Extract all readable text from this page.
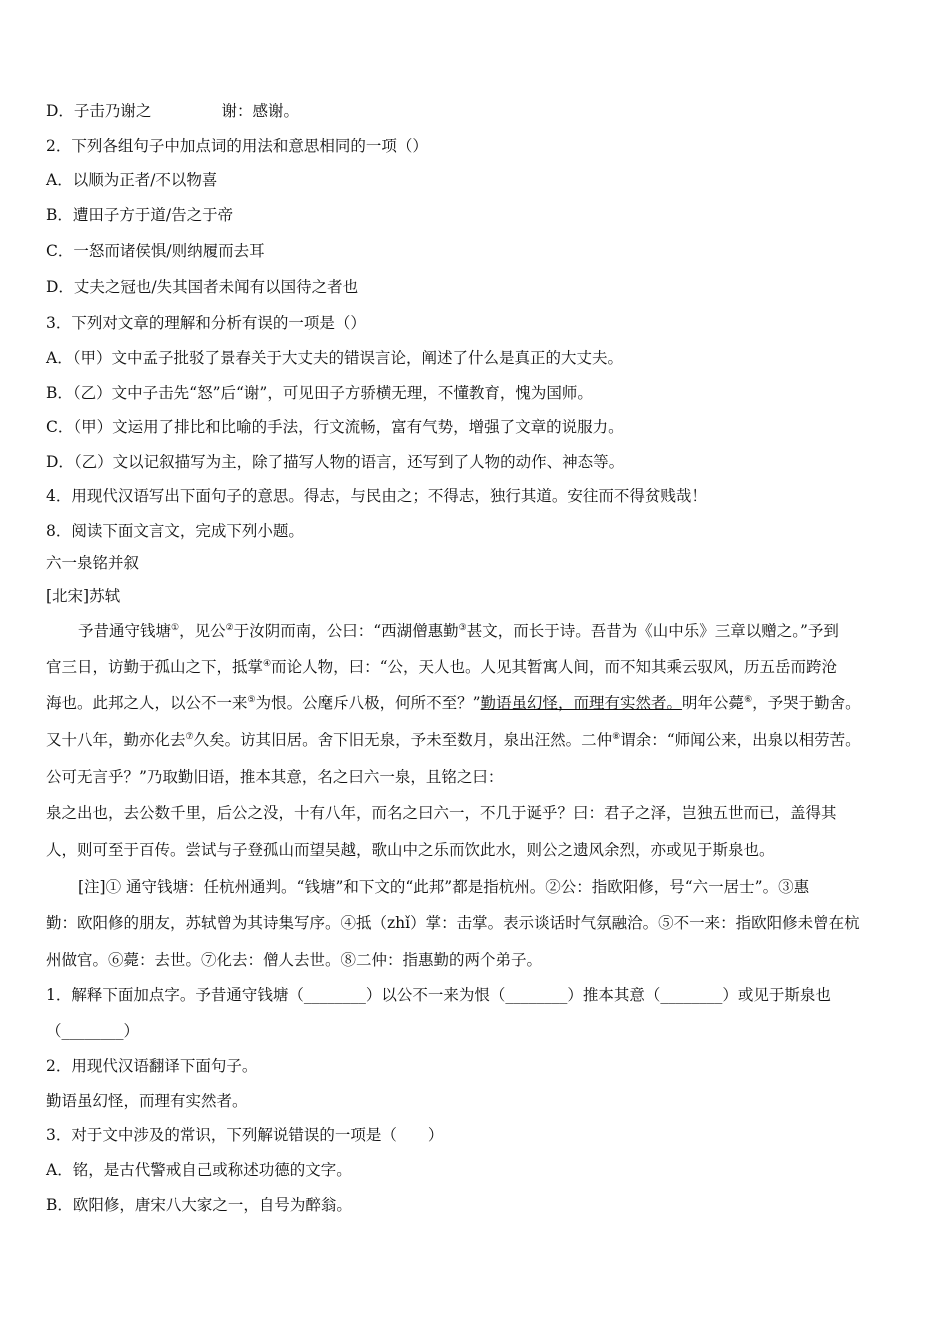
D．子击乃谢之	谢：感谢。
2．下列各组句子中加点词的用法和意思相同的一项（）
A．以顺为正者/不以物喜
B．遭田子方于道/告之于帝
C．一怒而诸侯惧/则纳履而去耳
D．丈夫之冠也/失其国者未闻有以国待之者也
3．下列对文章的理解和分析有误的一项是（）
A．（甲）文中孟子批驳了景春关于大丈夫的错误言论，阐述了什么是真正的大丈夫。
B．（乙）文中子击先“怒”后“谢”，可见田子方骄横无理，不懂教育，愧为国师。
C．（甲）文运用了排比和比喻的手法，行文流畅，富有气势，增强了文章的说服力。
D．（乙）文以记叙描写为主，除了描写人物的语言，还写到了人物的动作、神态等。
4．用现代汉语写出下面句子的意思。得志，与民由之；不得志，独行其道。安往而不得贫贱哉！
8．阅读下面文言文，完成下列小题。
六一泉铭并叙
[北宋]苏轼
予昔通守钱塘①，见公②于汝阴而南，公曰：“西湖僧惠勤③甚文，而长于诗。吾昔为《山中乐》三章以赠之。”予到
官三日，访勤于孤山之下，抵掌④而论人物，曰：“公，天人也。人见其暂寓人间，而不知其乘云驭风，历五岳而跨沧
海也。此邦之人，以公不一来⑤为恨。公麾斥八极，何所不至？”勤语虽幻怪，而理有实然者。明年公薨⑥，予哭于勤舍。
又十八年，勤亦化去⑦久矣。访其旧居。舍下旧无泉，予未至数月，泉出汪然。二仲⑧谓余：“师闻公来，出泉以相劳苦。
公可无言乎？”乃取勤旧语，推本其意，名之曰六一泉，且铭之曰：
泉之出也，去公数千里，后公之没，十有八年，而名之曰六一，不几于诞乎？曰：君子之泽，岂独五世而已，盖得其
人，则可至于百传。尝试与子登孤山而望吴越，歌山中之乐而饮此水，则公之遗风余烈，亦或见于斯泉也。
[注]① 通守钱塘：任杭州通判。“钱塘”和下文的“此邦”都是指杭州。②公：指欧阳修，号“六一居士”。③惠
勤：欧阳修的朋友，苏轼曾为其诗集写序。④抵（zhǐ）掌：击掌。表示谈话时气氛融洽。⑤不一来：指欧阳修未曾在杭
州做官。⑥薨：去世。⑦化去：僧人去世。⑧二仲：指惠勤的两个弟子。
1．解释下面加点字。予昔通守钱塘（________）以公不一来为恨（________）推本其意（________）或见于斯泉也
（________）
2．用现代汉语翻译下面句子。
勤语虽幻怪，而理有实然者。
3．对于文中涉及的常识，下列解说错误的一项是（　　）
A．铭，是古代警戒自己或称述功德的文字。
B．欧阳修，唐宋八大家之一，自号为醉翁。
